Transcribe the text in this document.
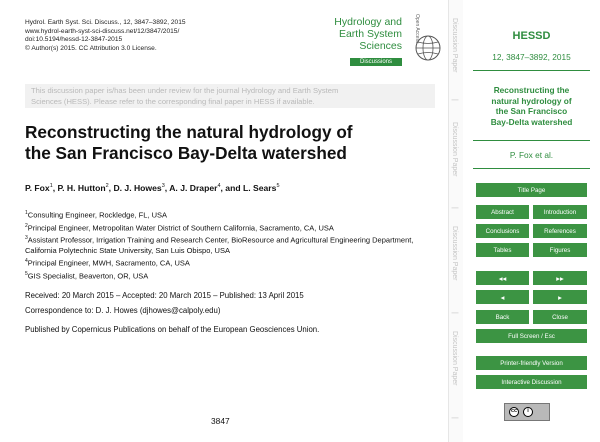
Hydrol. Earth Syst. Sci. Discuss., 12, 3847–3892, 2015
www.hydrol-earth-syst-sci-discuss.net/12/3847/2015/
doi:10.5194/hessd-12-3847-2015
© Author(s) 2015. CC Attribution 3.0 License.
Hydrology and
Earth System
Sciences
Discussions
Open Access
This discussion paper is/has been under review for the journal Hydrology and Earth System
Sciences (HESS). Please refer to the corresponding final paper in HESS if available.
Reconstructing the natural hydrology of
the San Francisco Bay-Delta watershed
P. Fox$^1$, P. H. Hutton$^2$, D. J. Howes$^3$, A. J. Draper$^4$, and L. Sears$^5$
$^1$Consulting Engineer, Rockledge, FL, USA
$^2$Principal Engineer, Metropolitan Water District of Southern California, Sacramento, CA, USA
$^3$Assistant Professor, Irrigation Training and Research Center, BioResource and Agricultural Engineering Department, California Polytechnic State University, San Luis Obispo, USA
$^4$Principal Engineer, MWH, Sacramento, CA, USA
$^5$GIS Specialist, Beaverton, OR, USA
Received: 20 March 2015 – Accepted: 20 March 2015 – Published: 13 April 2015
Correspondence to: D. J. Howes (djhowes@calpoly.edu)
Published by Copernicus Publications on behalf of the European Geosciences Union.
3847
Discussion Paper
|
Discussion Paper
|
Discussion Paper
|
Discussion Paper
|
HESSD
12, 3847–3892, 2015
Reconstructing the
natural hydrology of
the San Francisco
Bay-Delta watershed
P. Fox et al.
Title Page
Abstract	Introduction
Conclusions	References
Tables	Figures
◂◂	▸▸
◂	▸
Back	Close
Full Screen / Esc
Printer-friendly Version
Interactive Discussion
cc	i
